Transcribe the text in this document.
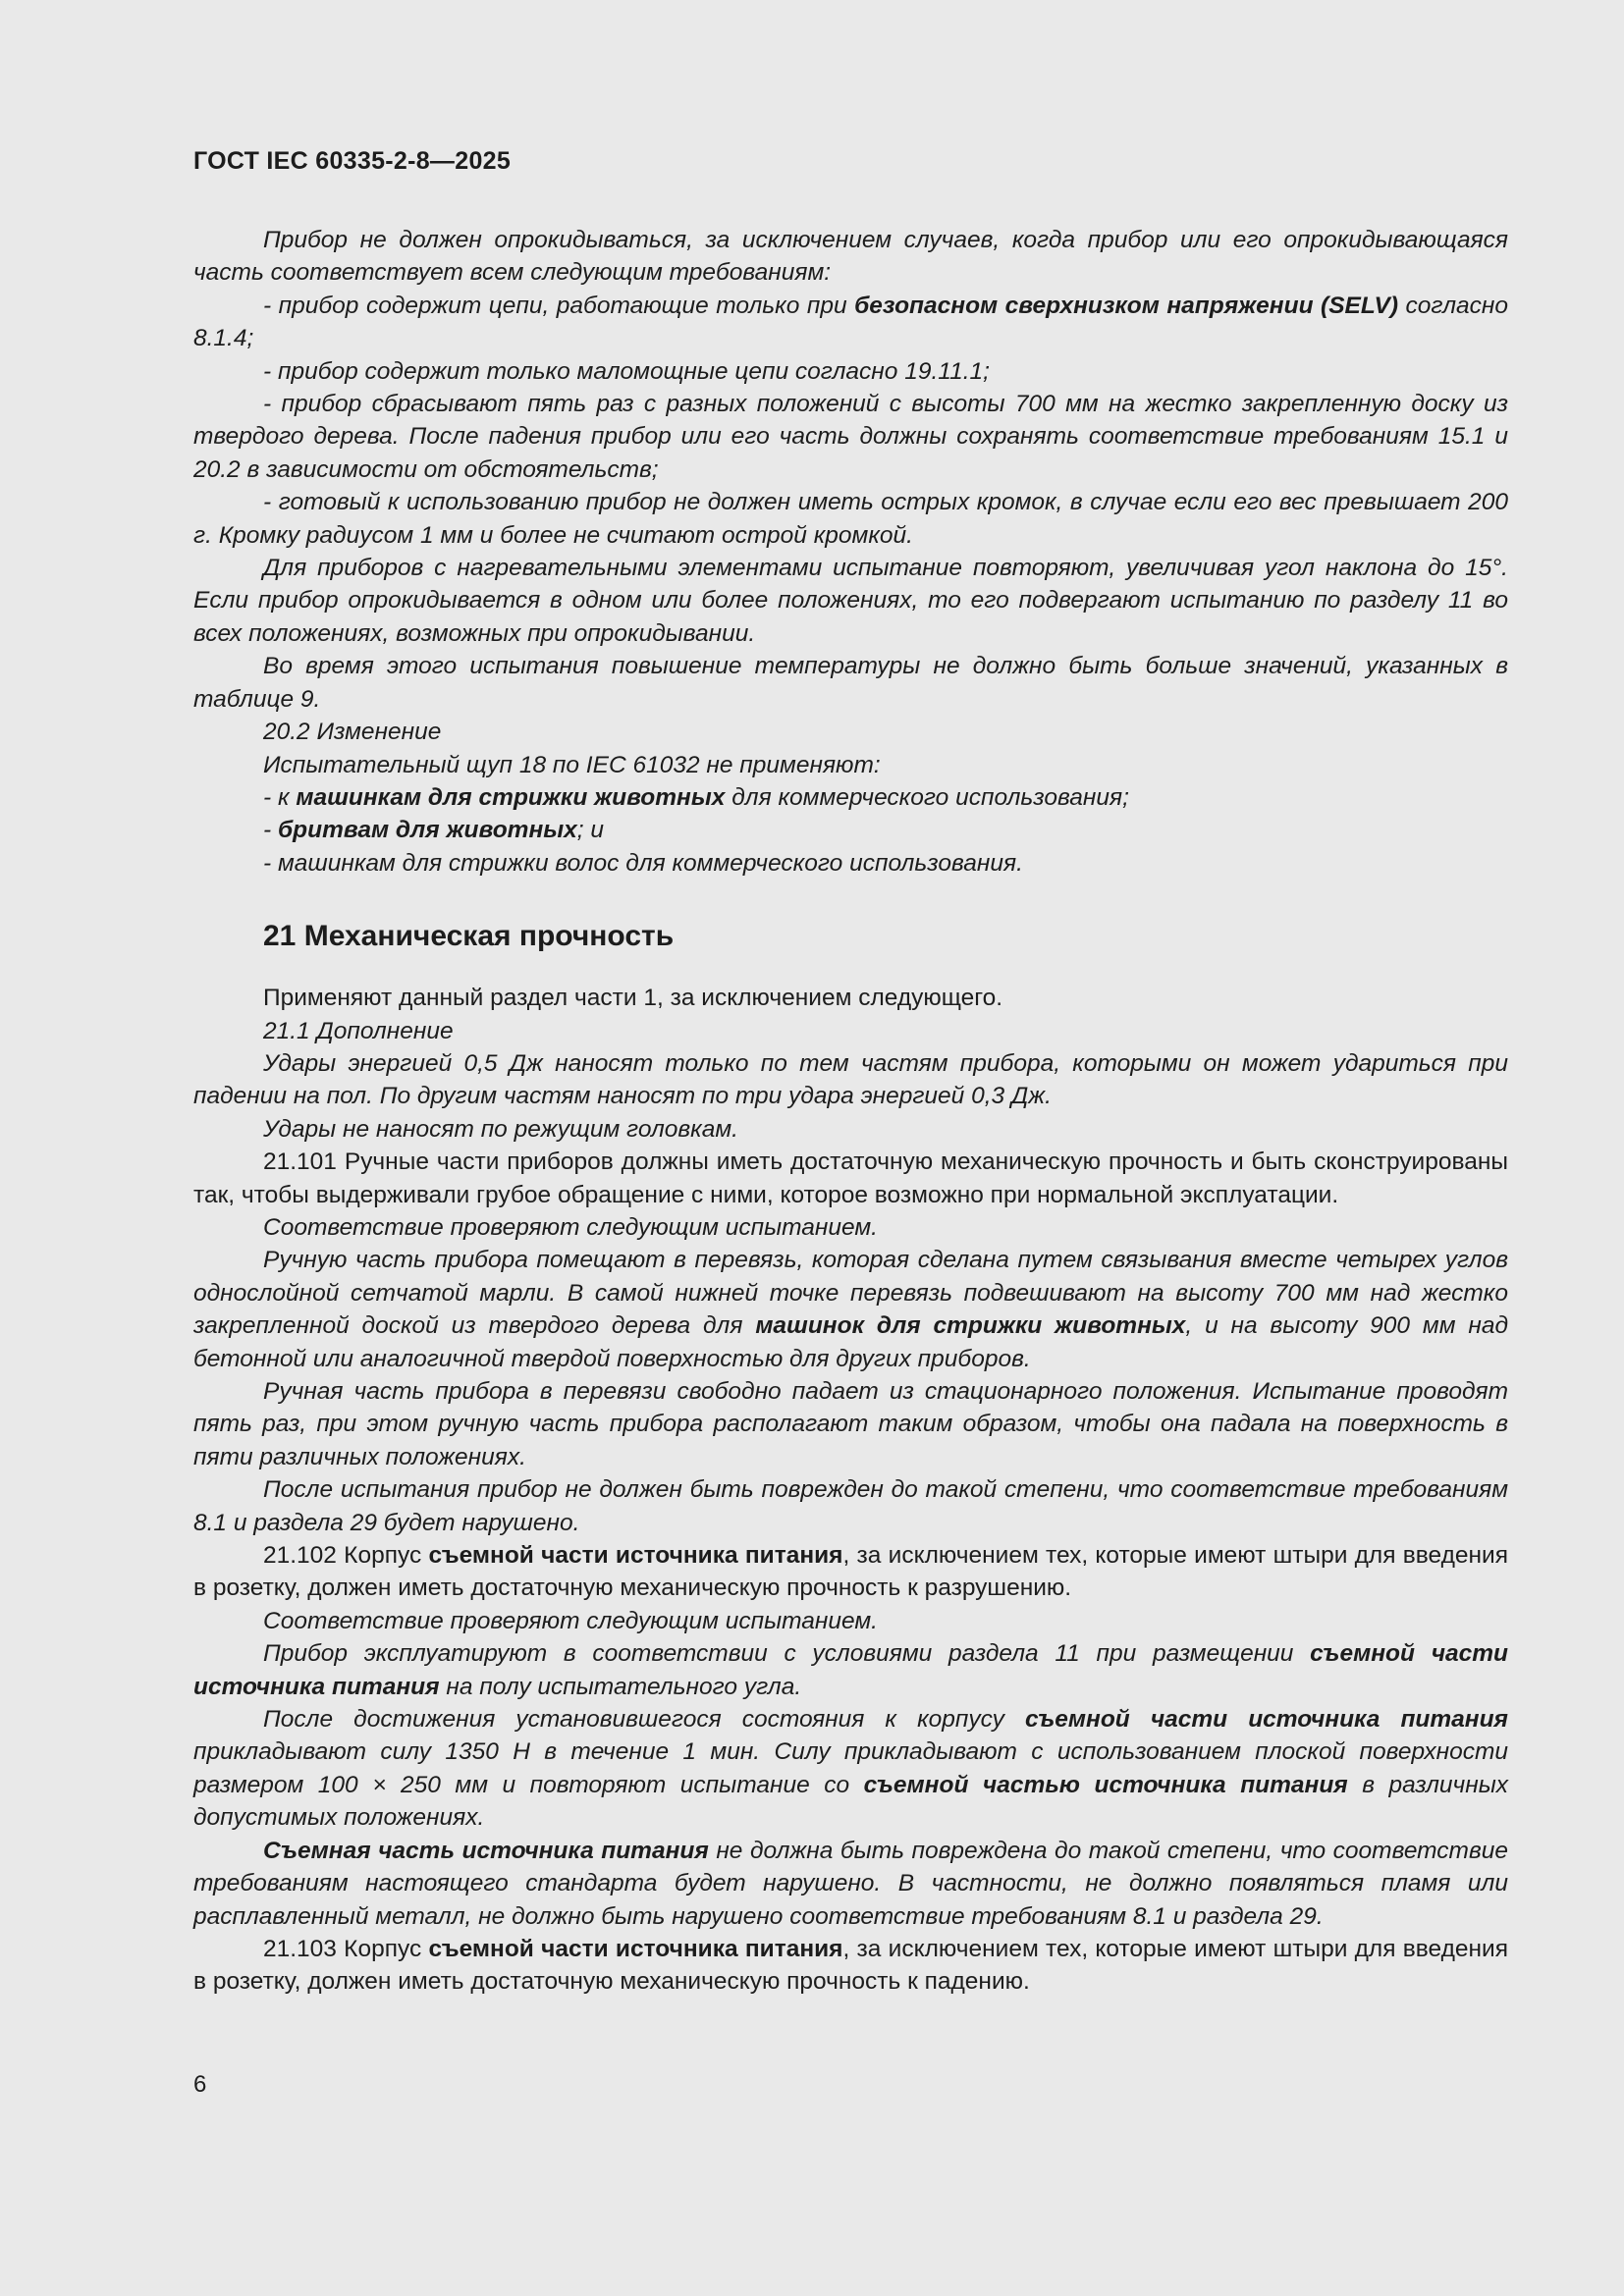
ГОСТ IEC 60335-2-8—2025

Прибор не должен опрокидываться, за исключением случаев, когда прибор или его опрокидывающаяся часть соответствует всем следующим требованиям:

- прибор содержит цепи, работающие только при безопасном сверхнизком напряжении (SELV) согласно 8.1.4;

- прибор содержит только маломощные цепи согласно 19.11.1;

- прибор сбрасывают пять раз с разных положений с высоты 700 мм на жестко закрепленную доску из твердого дерева. После падения прибор или его часть должны сохранять соответствие требованиям 15.1 и 20.2 в зависимости от обстоятельств;

- готовый к использованию прибор не должен иметь острых кромок, в случае если его вес превышает 200 г. Кромку радиусом 1 мм и более не считают острой кромкой.

Для приборов с нагревательными элементами испытание повторяют, увеличивая угол наклона до 15°. Если прибор опрокидывается в одном или более положениях, то его подвергают испытанию по разделу 11 во всех положениях, возможных при опрокидывании.

Во время этого испытания повышение температуры не должно быть больше значений, указанных в таблице 9.

20.2 Изменение

Испытательный щуп 18 по IEC 61032 не применяют:

- к машинкам для стрижки животных для коммерческого использования;

- бритвам для животных; и

- машинкам для стрижки волос для коммерческого использования.

21 Механическая прочность

Применяют данный раздел части 1, за исключением следующего.

21.1 Дополнение

Удары энергией 0,5 Дж наносят только по тем частям прибора, которыми он может удариться при падении на пол. По другим частям наносят по три удара энергией 0,3 Дж.

Удары не наносят по режущим головкам.

21.101 Ручные части приборов должны иметь достаточную механическую прочность и быть сконструированы так, чтобы выдерживали грубое обращение с ними, которое возможно при нормальной эксплуатации.

Соответствие проверяют следующим испытанием.

Ручную часть прибора помещают в перевязь, которая сделана путем связывания вместе четырех углов однослойной сетчатой марли. В самой нижней точке перевязь подвешивают на высоту 700 мм над жестко закрепленной доской из твердого дерева для машинок для стрижки животных, и на высоту 900 мм над бетонной или аналогичной твердой поверхностью для других приборов.

Ручная часть прибора в перевязи свободно падает из стационарного положения. Испытание проводят пять раз, при этом ручную часть прибора располагают таким образом, чтобы она падала на поверхность в пяти различных положениях.

После испытания прибор не должен быть поврежден до такой степени, что соответствие требованиям 8.1 и раздела 29 будет нарушено.

21.102 Корпус съемной части источника питания, за исключением тех, которые имеют штыри для введения в розетку, должен иметь достаточную механическую прочность к разрушению.

Соответствие проверяют следующим испытанием.

Прибор эксплуатируют в соответствии с условиями раздела 11 при размещении съемной части источника питания на полу испытательного угла.

После достижения установившегося состояния к корпусу съемной части источника питания прикладывают силу 1350 Н в течение 1 мин. Силу прикладывают с использованием плоской поверхности размером 100 × 250 мм и повторяют испытание со съемной частью источника питания в различных допустимых положениях.

Съемная часть источника питания не должна быть повреждена до такой степени, что соответствие требованиям настоящего стандарта будет нарушено. В частности, не должно появляться пламя или расплавленный металл, не должно быть нарушено соответствие требованиям 8.1 и раздела 29.

21.103 Корпус съемной части источника питания, за исключением тех, которые имеют штыри для введения в розетку, должен иметь достаточную механическую прочность к падению.

6
